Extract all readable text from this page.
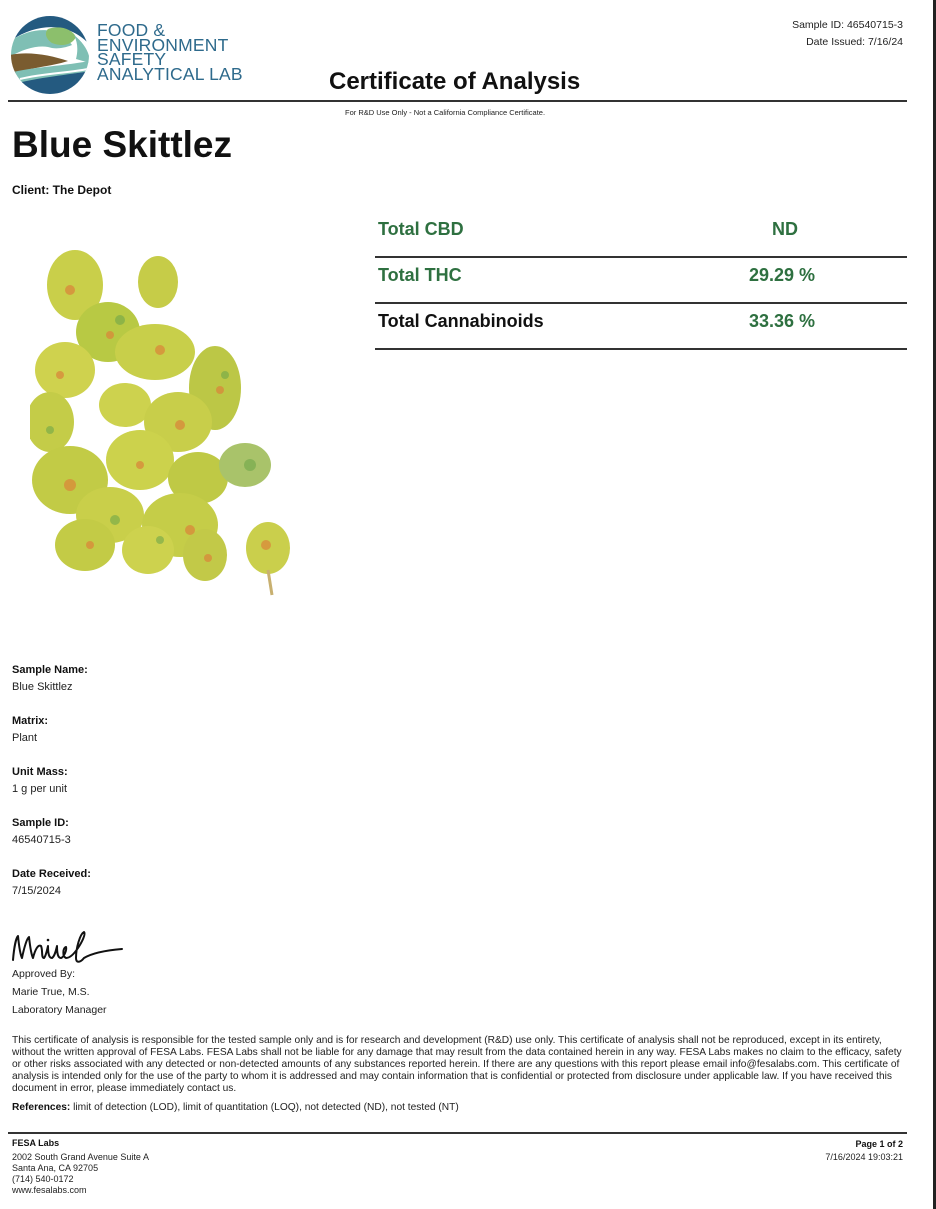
FOOD &
ENVIRONMENT
SAFETY
ANALYTICAL LAB
Sample ID: 46540715-3
Date Issued: 7/16/24
Certificate of Analysis
For R&D Use Only - Not a California Compliance Certificate.
Blue Skittlez
Client: The Depot
Total CBD	ND
Total THC	29.29 %
Total Cannabinoids	33.36 %
Sample Name:
Blue Skittlez
Matrix:
Plant
Unit Mass:
1 g per unit
Sample ID:
46540715-3
Date Received:
7/15/2024
Approved By:
Marie True, M.S.
Laboratory Manager
This certificate of analysis is responsible for the tested sample only and is for research and development (R&D) use only. This certificate of analysis shall not be reproduced, except in its entirety, without the written approval of FESA Labs. FESA Labs shall not be liable for any damage that may result from the data contained herein in any way. FESA Labs makes no claim to the efficacy, safety or other risks associated with any detected or non-detected amounts of any substances reported herein. If there are any questions with this report please email info@fesalabs.com. This certificate of analysis is intended only for the use of the party to whom it is addressed and may contain information that is confidential or protected from disclosure under applicable law. If you have received this document in error, please immediately contact us.
References: limit of detection (LOD), limit of quantitation (LOQ), not detected (ND), not tested (NT)
FESA Labs
2002 South Grand Avenue Suite A
Santa Ana, CA 92705
(714) 540-0172
www.fesalabs.com
Page 1 of 2
7/16/2024 19:03:21
